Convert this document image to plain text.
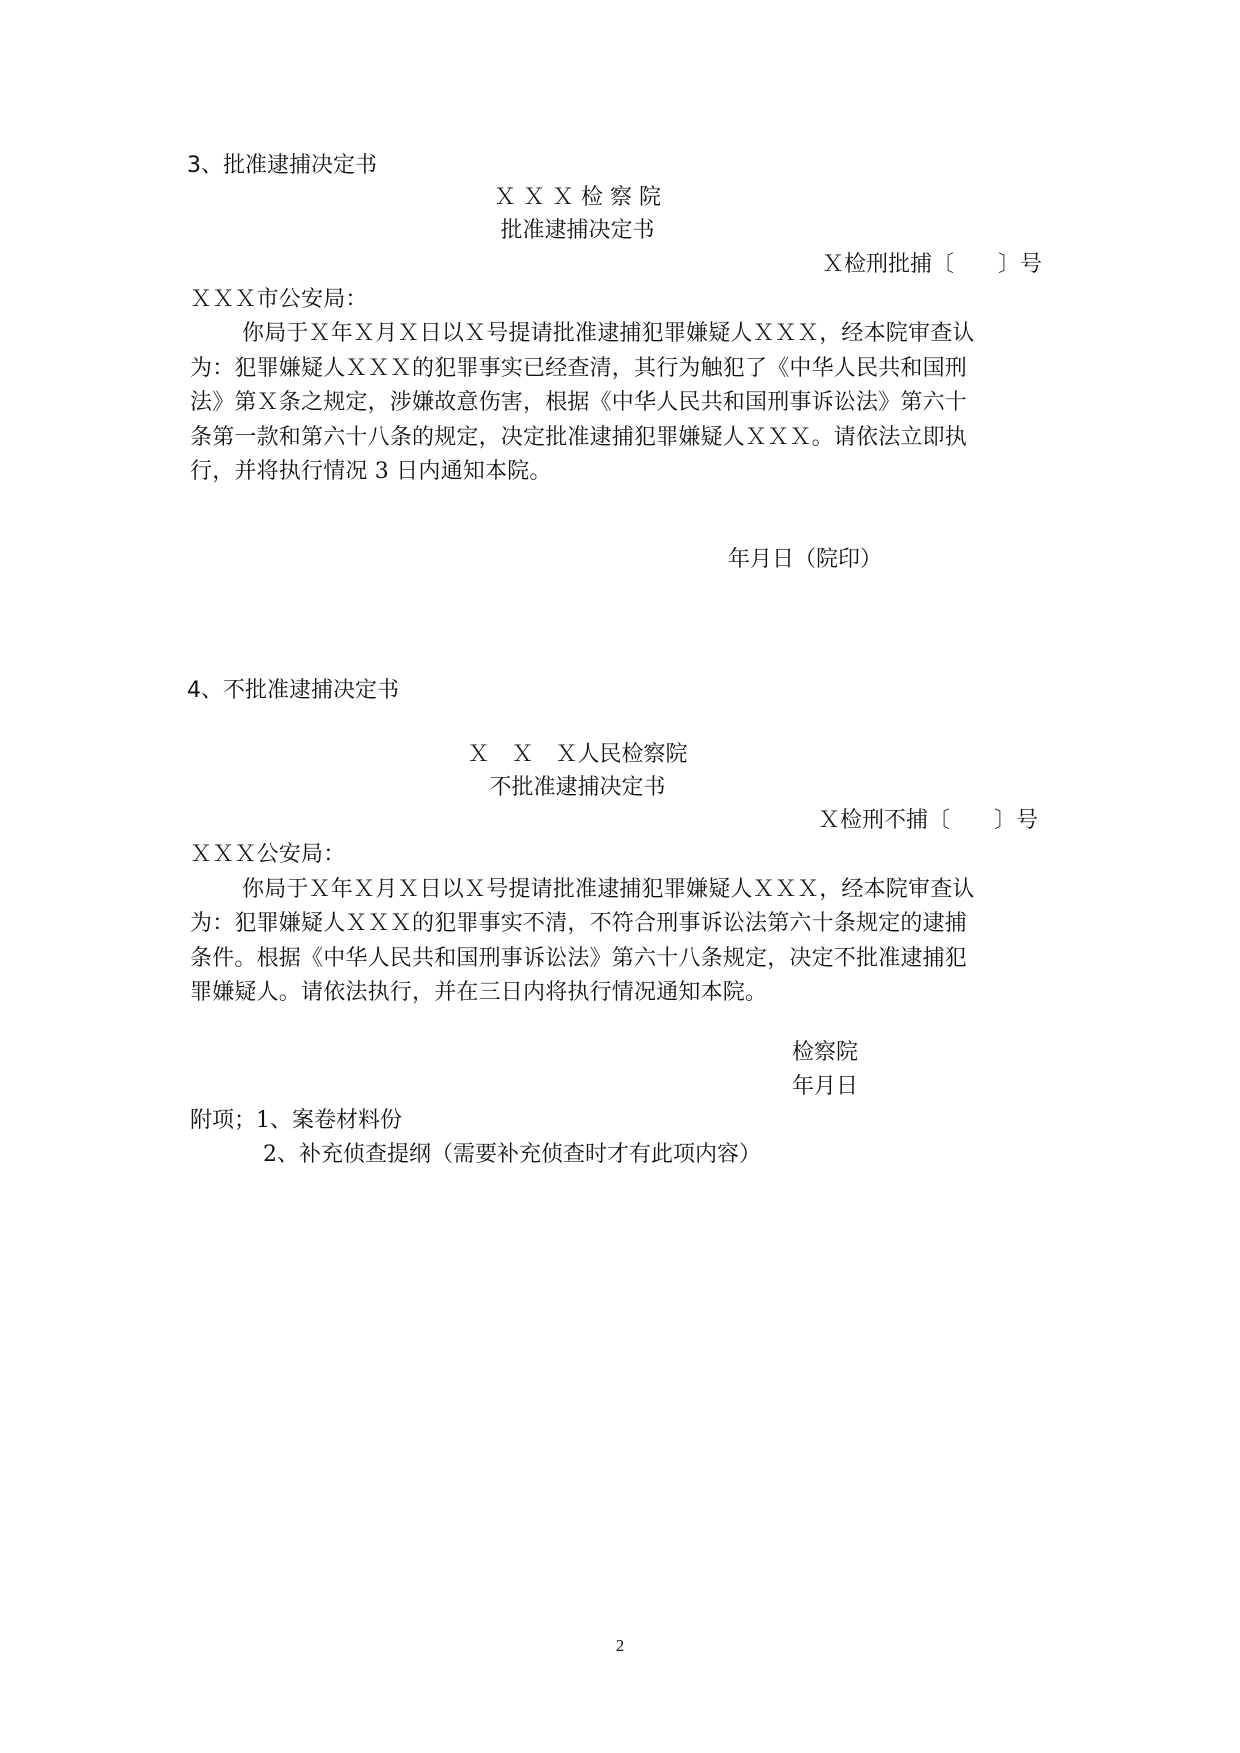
3、批准逮捕决定书
Ｘ Ｘ Ｘ 检 察 院
批准逮捕决定书
Ｘ检刑批捕〔　　〕号
ＸＸＸ市公安局：
你局于Ｘ年Ｘ月Ｘ日以Ｘ号提请批准逮捕犯罪嫌疑人ＸＸＸ，经本院审查认
为：犯罪嫌疑人ＸＸＸ的犯罪事实已经查清，其行为触犯了《中华人民共和国刑
法》第Ｘ条之规定，涉嫌故意伤害，根据《中华人民共和国刑事诉讼法》第六十
条第一款和第六十八条的规定，决定批准逮捕犯罪嫌疑人ＸＸＸ。请依法立即执
行，并将执行情况 3 日内通知本院。
年月日（院印）
4、不批准逮捕决定书
Ｘ　Ｘ　Ｘ人民检察院
不批准逮捕决定书
Ｘ检刑不捕〔　　〕号
ＸＸＸ公安局：
你局于Ｘ年Ｘ月Ｘ日以Ｘ号提请批准逮捕犯罪嫌疑人ＸＸＸ，经本院审查认
为：犯罪嫌疑人ＸＸＸ的犯罪事实不清，不符合刑事诉讼法第六十条规定的逮捕
条件。根据《中华人民共和国刑事诉讼法》第六十八条规定，决定不批准逮捕犯
罪嫌疑人。请依法执行，并在三日内将执行情况通知本院。
检察院
年月日
附项；1、案卷材料份
2、补充侦查提纲（需要补充侦查时才有此项内容）
2
